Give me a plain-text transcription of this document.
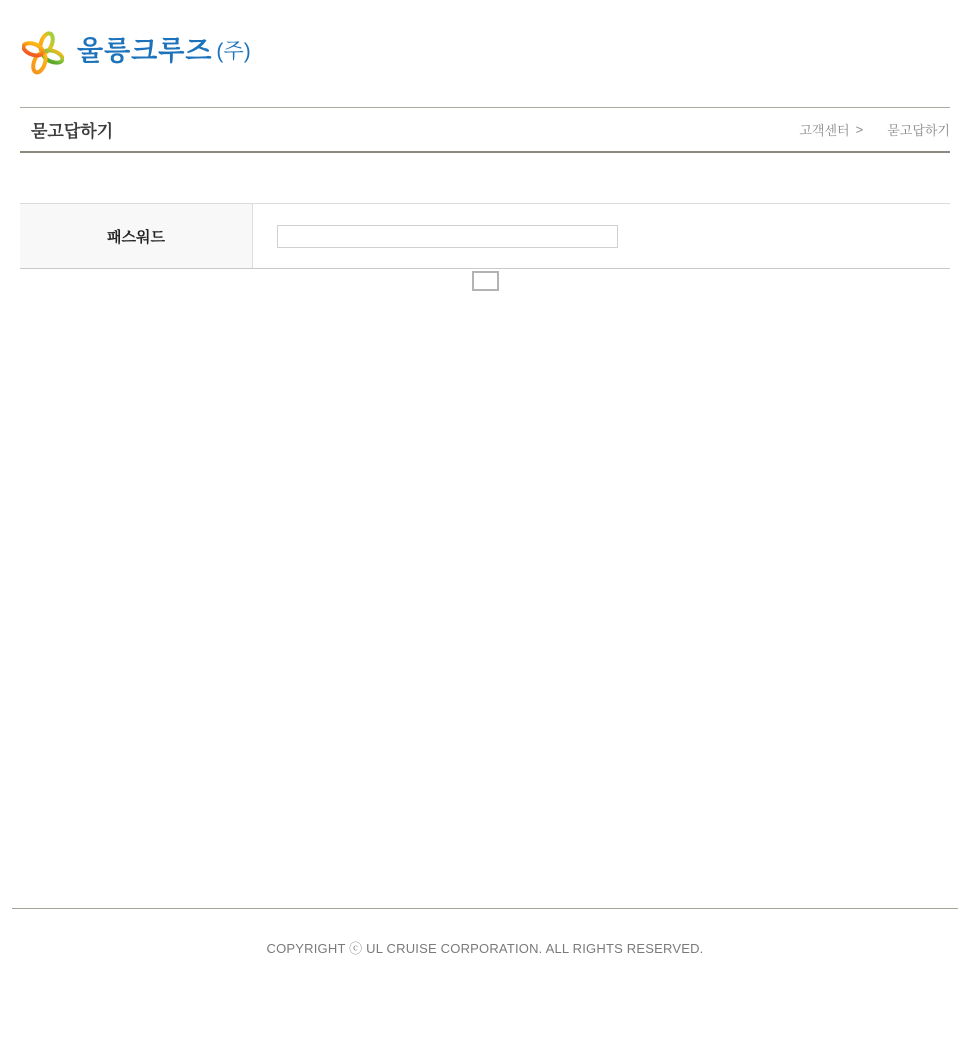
울릉크루즈 (주)
묻고답하기	고객센터 > 묻고답하기
패스워드

COPYRIGHT ⓒ UL CRUISE CORPORATION. ALL RIGHTS RESERVED.
